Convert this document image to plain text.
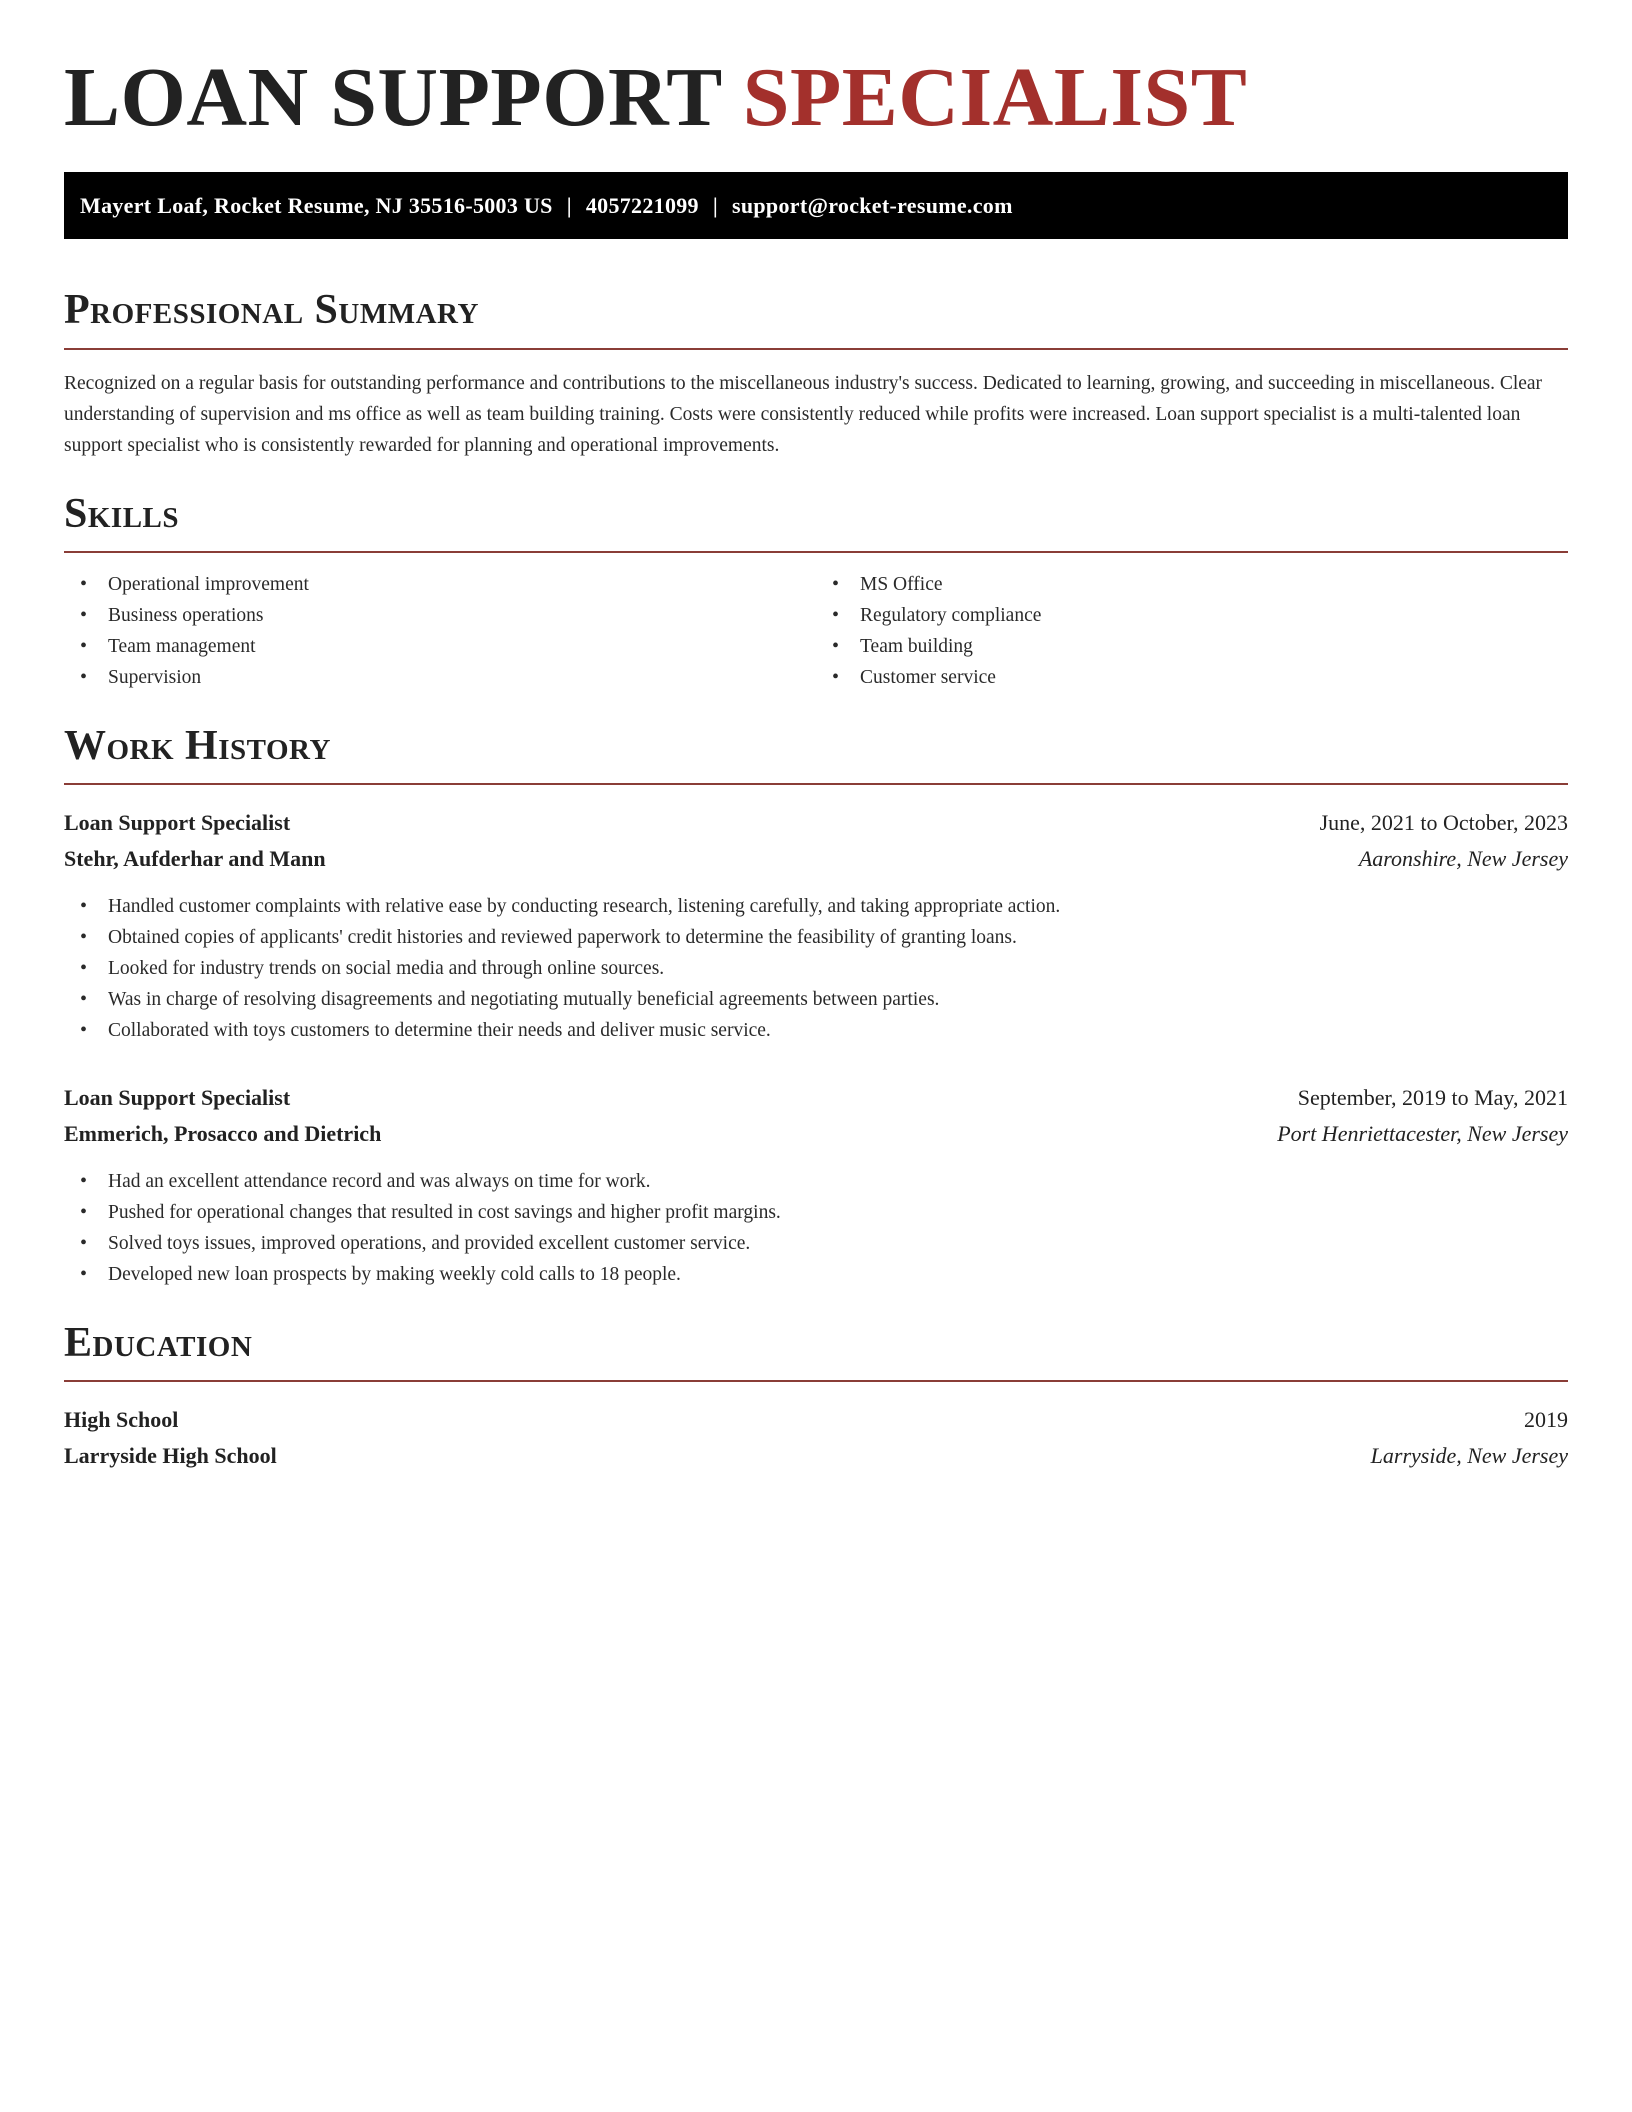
LOAN SUPPORT SPECIALIST
Mayert Loaf, Rocket Resume, NJ 35516-5003 US | 4057221099 | support@rocket-resume.com
Professional Summary

Recognized on a regular basis for outstanding performance and contributions to the miscellaneous industry's success. Dedicated to learning, growing, and succeeding in miscellaneous. Clear understanding of supervision and ms office as well as team building training. Costs were consistently reduced while profits were increased. Loan support specialist is a multi-talented loan support specialist who is consistently rewarded for planning and operational improvements.

Skills
• Operational improvement
• Business operations
• Team management
• Supervision
• MS Office
• Regulatory compliance
• Team building
• Customer service
Work History
Loan Support Specialist	June, 2021 to October, 2023
Stehr, Aufderhar and Mann	Aaronshire, New Jersey
• Handled customer complaints with relative ease by conducting research, listening carefully, and taking appropriate action.
• Obtained copies of applicants' credit histories and reviewed paperwork to determine the feasibility of granting loans.
• Looked for industry trends on social media and through online sources.
• Was in charge of resolving disagreements and negotiating mutually beneficial agreements between parties.
• Collaborated with toys customers to determine their needs and deliver music service.
Loan Support Specialist	September, 2019 to May, 2021
Emmerich, Prosacco and Dietrich	Port Henriettacester, New Jersey
• Had an excellent attendance record and was always on time for work.
• Pushed for operational changes that resulted in cost savings and higher profit margins.
• Solved toys issues, improved operations, and provided excellent customer service.
• Developed new loan prospects by making weekly cold calls to 18 people.
Education
High School	2019
Larryside High School	Larryside, New Jersey
